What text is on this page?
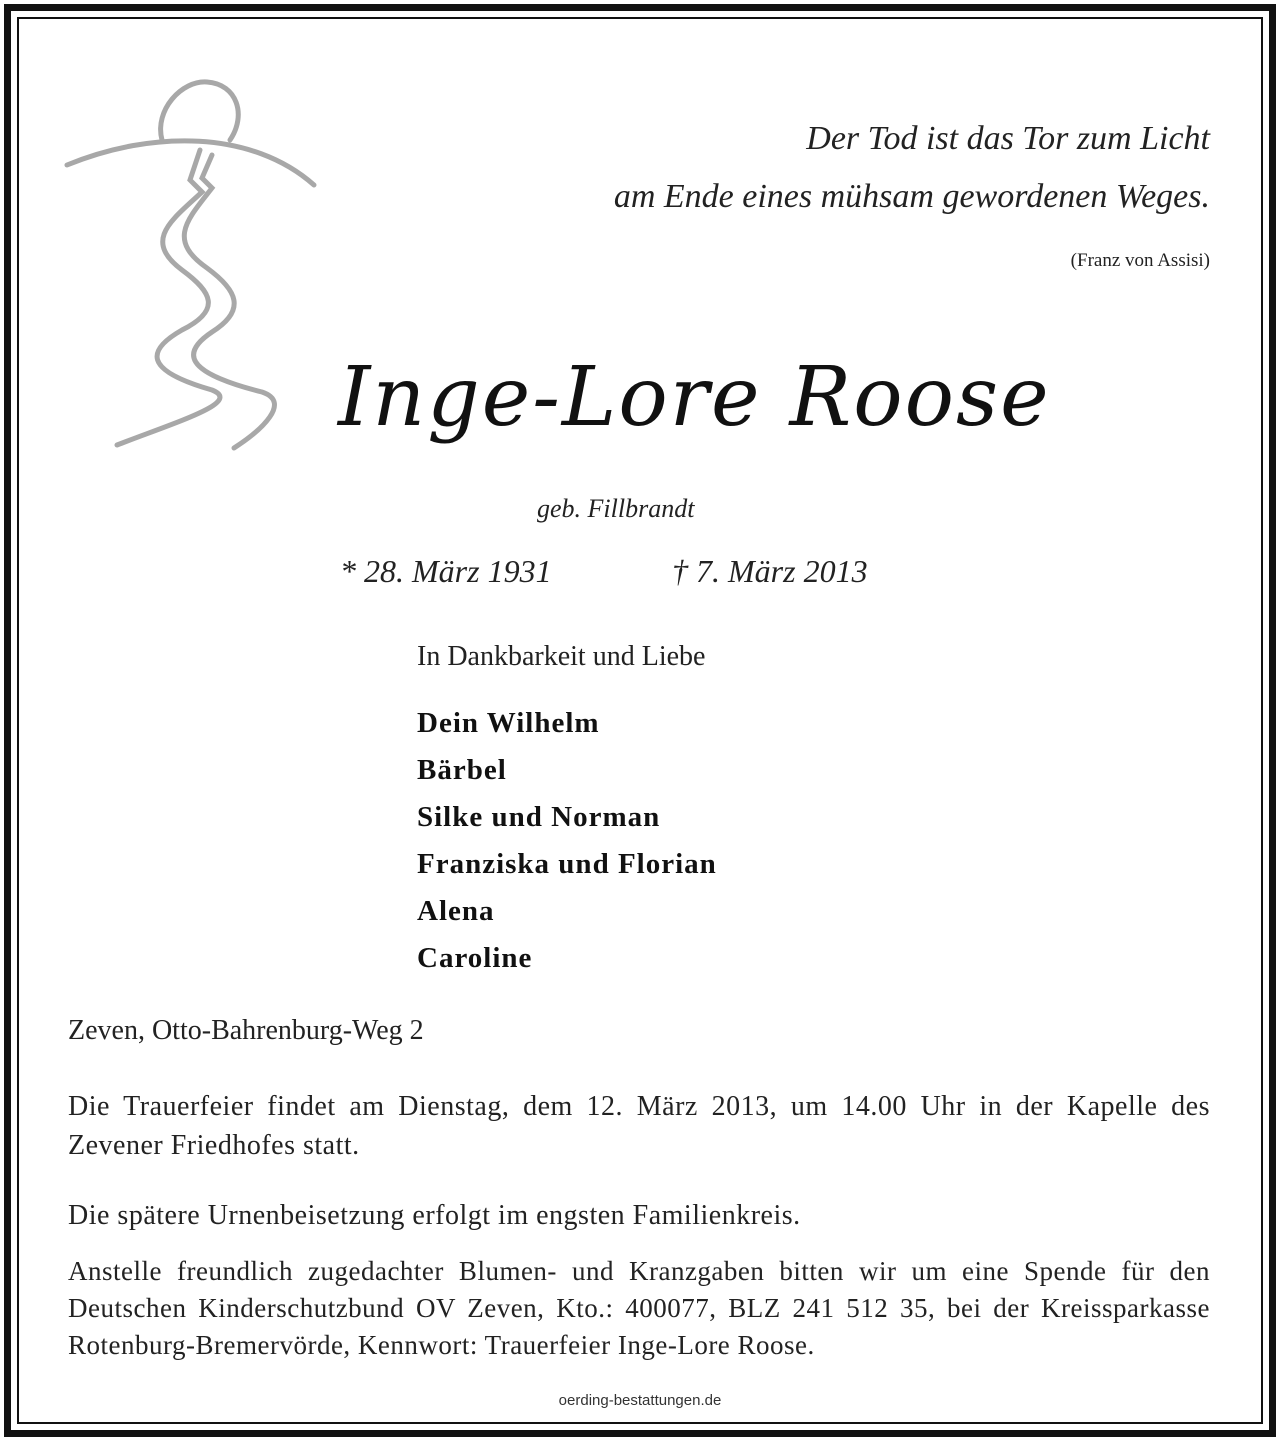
Der Tod ist das Tor zum Licht
am Ende eines mühsam gewordenen Weges.
(Franz von Assisi)
Inge-Lore Roose
geb. Fillbrandt
* 28. März 1931	† 7. März 2013
In Dankbarkeit und Liebe
Dein Wilhelm
Bärbel
Silke und Norman
Franziska und Florian
Alena
Caroline
Zeven, Otto-Bahrenburg-Weg 2
Die Trauerfeier findet am Dienstag, dem 12. März 2013, um 14.00 Uhr in der Kapelle des Zevener Friedhofes statt.
Die spätere Urnenbeisetzung erfolgt im engsten Familienkreis.
Anstelle freundlich zugedachter Blumen- und Kranzgaben bitten wir um eine Spende für den Deutschen Kinderschutzbund OV Zeven, Kto.: 400077, BLZ 241 512 35, bei der Kreissparkasse Rotenburg-Bremervörde, Kennwort: Trauerfeier Inge-Lore Roose.
oerding-bestattungen.de
